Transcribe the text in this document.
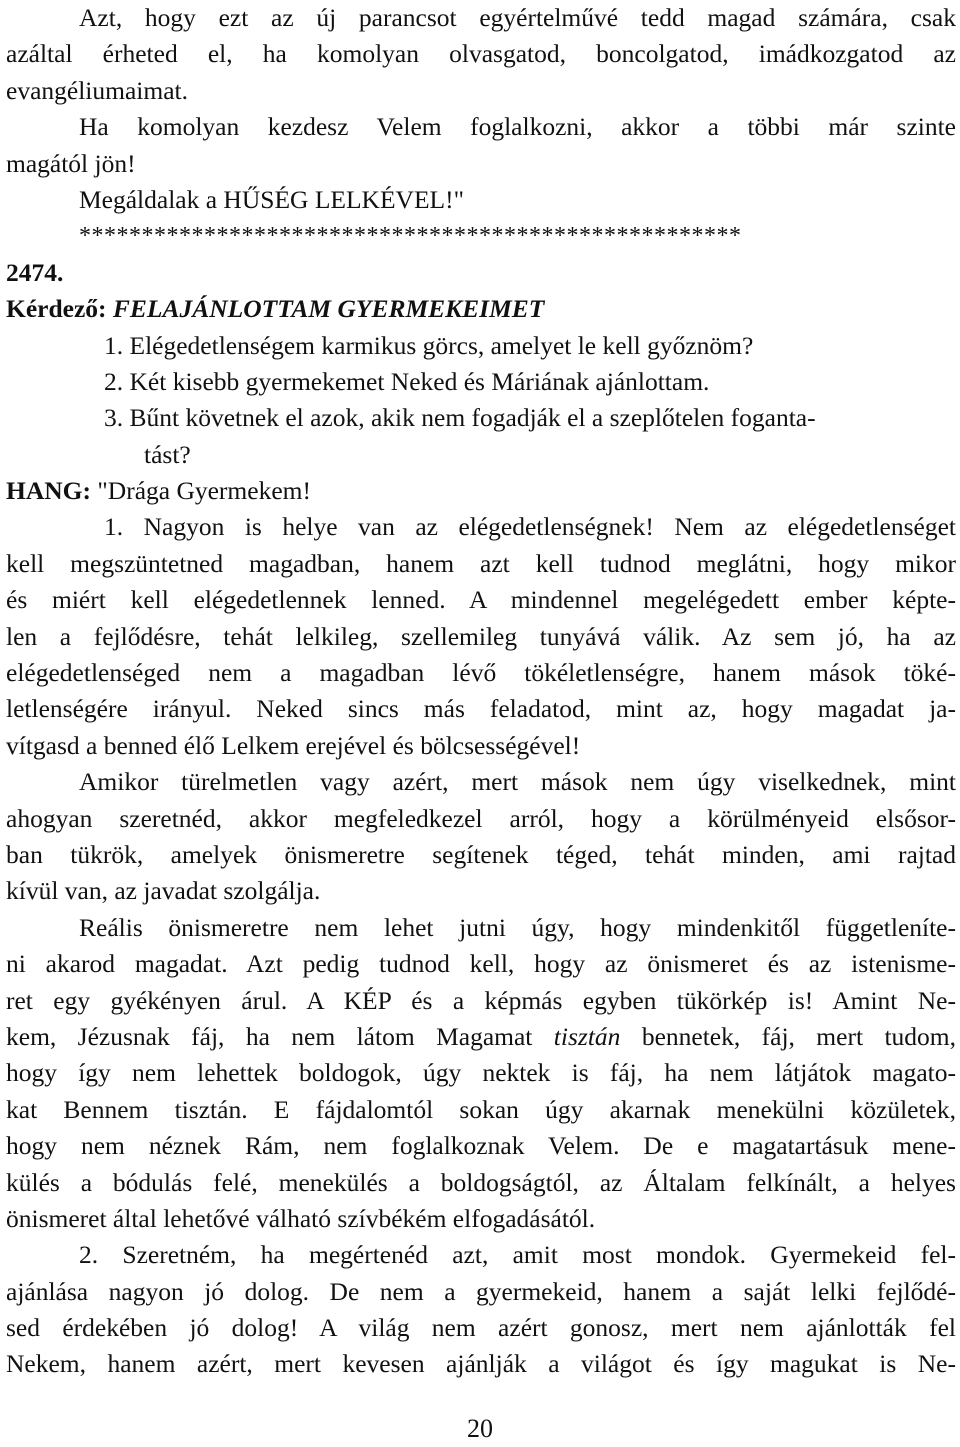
Azt, hogy ezt az új parancsot egyértelművé tedd magad számára, csak
azáltal érheted el, ha komolyan olvasgatod, boncolgatod, imádkozgatod az
evangéliumaimat.
Ha komolyan kezdesz Velem foglalkozni, akkor a többi már szinte
magától jön!
Megáldalak a HŰSÉG LELKÉVEL!"
*****************************************************
2474.
Kérdező: FELAJÁNLOTTAM GYERMEKEIMET
1. Elégedetlenségem karmikus görcs, amelyet le kell győznöm?
2. Két kisebb gyermekemet Neked és Máriának ajánlottam.
3. Bűnt követnek el azok, akik nem fogadják el a szeplőtelen foganta-
tást?
HANG: "Drága Gyermekem!
1. Nagyon is helye van az elégedetlenségnek! Nem az elégedetlenséget
kell megszüntetned magadban, hanem azt kell tudnod meglátni, hogy mikor
és miért kell elégedetlennek lenned. A mindennel megelégedett ember képte-
len a fejlődésre, tehát lelkileg, szellemileg tunyává válik. Az sem jó, ha az
elégedetlenséged nem a magadban lévő tökéletlenségre, hanem mások töké-
letlenségére irányul. Neked sincs más feladatod, mint az, hogy magadat ja-
vítgasd a benned élő Lelkem erejével és bölcsességével!
Amikor türelmetlen vagy azért, mert mások nem úgy viselkednek, mint
ahogyan szeretnéd, akkor megfeledkezel arról, hogy a körülményeid elsősor-
ban tükrök, amelyek önismeretre segítenek téged, tehát minden, ami rajtad
kívül van, az javadat szolgálja.
Reális önismeretre nem lehet jutni úgy, hogy mindenkitől függetleníte-
ni akarod magadat. Azt pedig tudnod kell, hogy az önismeret és az istenisme-
ret egy gyékényen árul. A KÉP és a képmás egyben tükörkép is! Amint Ne-
kem, Jézusnak fáj, ha nem látom Magamat tisztán bennetek, fáj, mert tudom,
hogy így nem lehettek boldogok, úgy nektek is fáj, ha nem látjátok magato-
kat Bennem tisztán. E fájdalomtól sokan úgy akarnak menekülni közületek,
hogy nem néznek Rám, nem foglalkoznak Velem. De e magatartásuk mene-
külés a bódulás felé, menekülés a boldogságtól, az Általam felkínált, a helyes
önismeret által lehetővé válható szívbékém elfogadásától.
2. Szeretném, ha megértenéd azt, amit most mondok. Gyermekeid fel-
ajánlása nagyon jó dolog. De nem a gyermekeid, hanem a saját lelki fejlődé-
sed érdekében jó dolog! A világ nem azért gonosz, mert nem ajánlották fel
Nekem, hanem azért, mert kevesen ajánlják a világot és így magukat is Ne-
20
